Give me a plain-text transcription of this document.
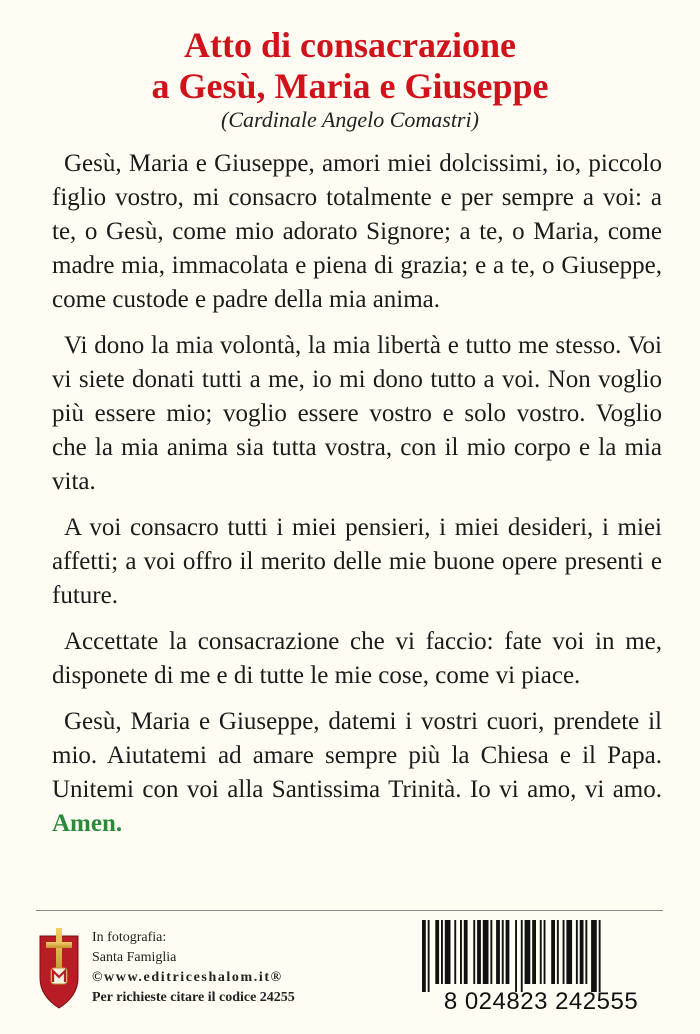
Atto di consacrazione
a Gesù, Maria e Giuseppe
(Cardinale Angelo Comastri)

Gesù, Maria e Giuseppe, amori miei dolcissimi, io, piccolo figlio vostro, mi consacro totalmente e per sempre a voi: a te, o Gesù, come mio adorato Signore; a te, o Maria, come madre mia, immacolata e piena di grazia; e a te, o Giuseppe, come custode e padre della mia anima.

Vi dono la mia volontà, la mia libertà e tutto me stesso. Voi vi siete donati tutti a me, io mi dono tutto a voi. Non voglio più essere mio; voglio essere vostro e solo vostro. Voglio che la mia anima sia tutta vostra, con il mio corpo e la mia vita.

A voi consacro tutti i miei pensieri, i miei desideri, i miei affetti; a voi offro il merito delle mie buone opere presenti e future.

Accettate la consacrazione che vi faccio: fate voi in me, disponete di me e di tutte le mie cose, come vi piace.

Gesù, Maria e Giuseppe, datemi i vostri cuori, prendete il mio. Aiutatemi ad amare sempre più la Chiesa e il Papa. Unitemi con voi alla Santissima Trinità. Io vi amo, vi amo. Amen.

In fotografia:
Santa Famiglia
©www.editriceshalom.it®
Per richieste citare il codice 24255	8 024823 242555
